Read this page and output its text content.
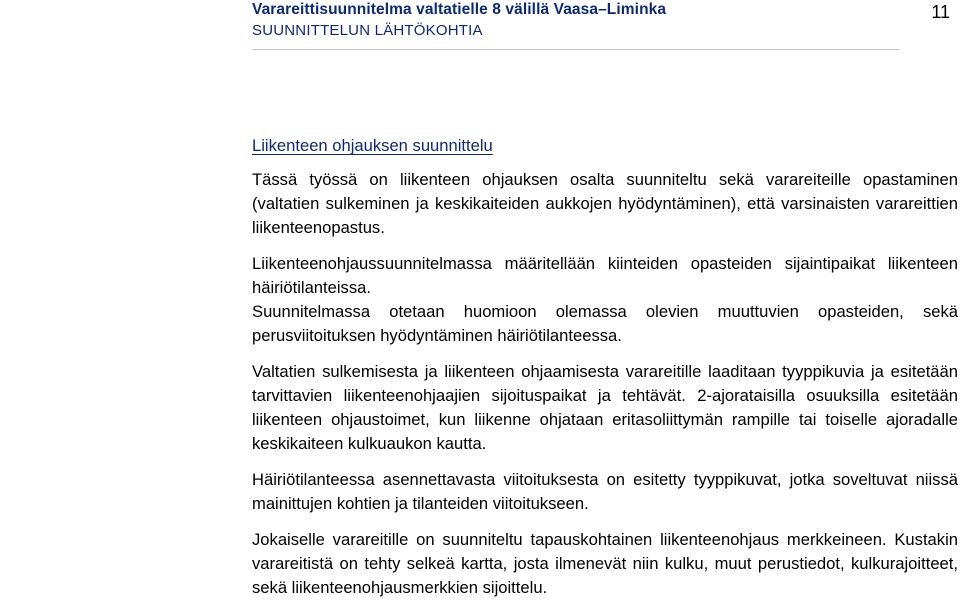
Varareittisuunnitelma valtatielle 8 välillä Vaasa–Liminka
SUUNNITTELUN LÄHTÖKOHTIA
11
Liikenteen ohjauksen suunnittelu

Tässä työssä on liikenteen ohjauksen osalta suunniteltu sekä varareiteille opastaminen (valtatien sulkeminen ja keskikaiteiden aukkojen hyödyntäminen), että varsinaisten varareittien liikenteenopastus.

Liikenteenohjaussuunnitelmassa määritellään kiinteiden opasteiden sijaintipaikat liikenteen häiriötilanteissa.

Suunnitelmassa otetaan huomioon olemassa olevien muuttuvien opasteiden, sekä perusviitoituksen hyödyntäminen häiriötilanteessa.

Valtatien sulkemisesta ja liikenteen ohjaamisesta varareitille laaditaan tyyppikuvia ja esitetään tarvittavien liikenteenohjaajien sijoituspaikat ja tehtävät. 2-ajorataisilla osuuksilla esitetään liikenteen ohjaustoimet, kun liikenne ohjataan eritasoliittymän rampille tai toiselle ajoradalle keskikaiteen kulkuaukon kautta.

Häiriötilanteessa asennettavasta viitoituksesta on esitetty tyyppikuvat, jotka soveltuvat niissä mainittujen kohtien ja tilanteiden viitoitukseen.

Jokaiselle varareitille on suunniteltu tapauskohtainen liikenteenohjaus merkkeineen. Kustakin varareitistä on tehty selkeä kartta, josta ilmenevät niin kulku, muut perustiedot, kulkurajoitteet, sekä liikenteenohjausmerkkien sijoittelu.
